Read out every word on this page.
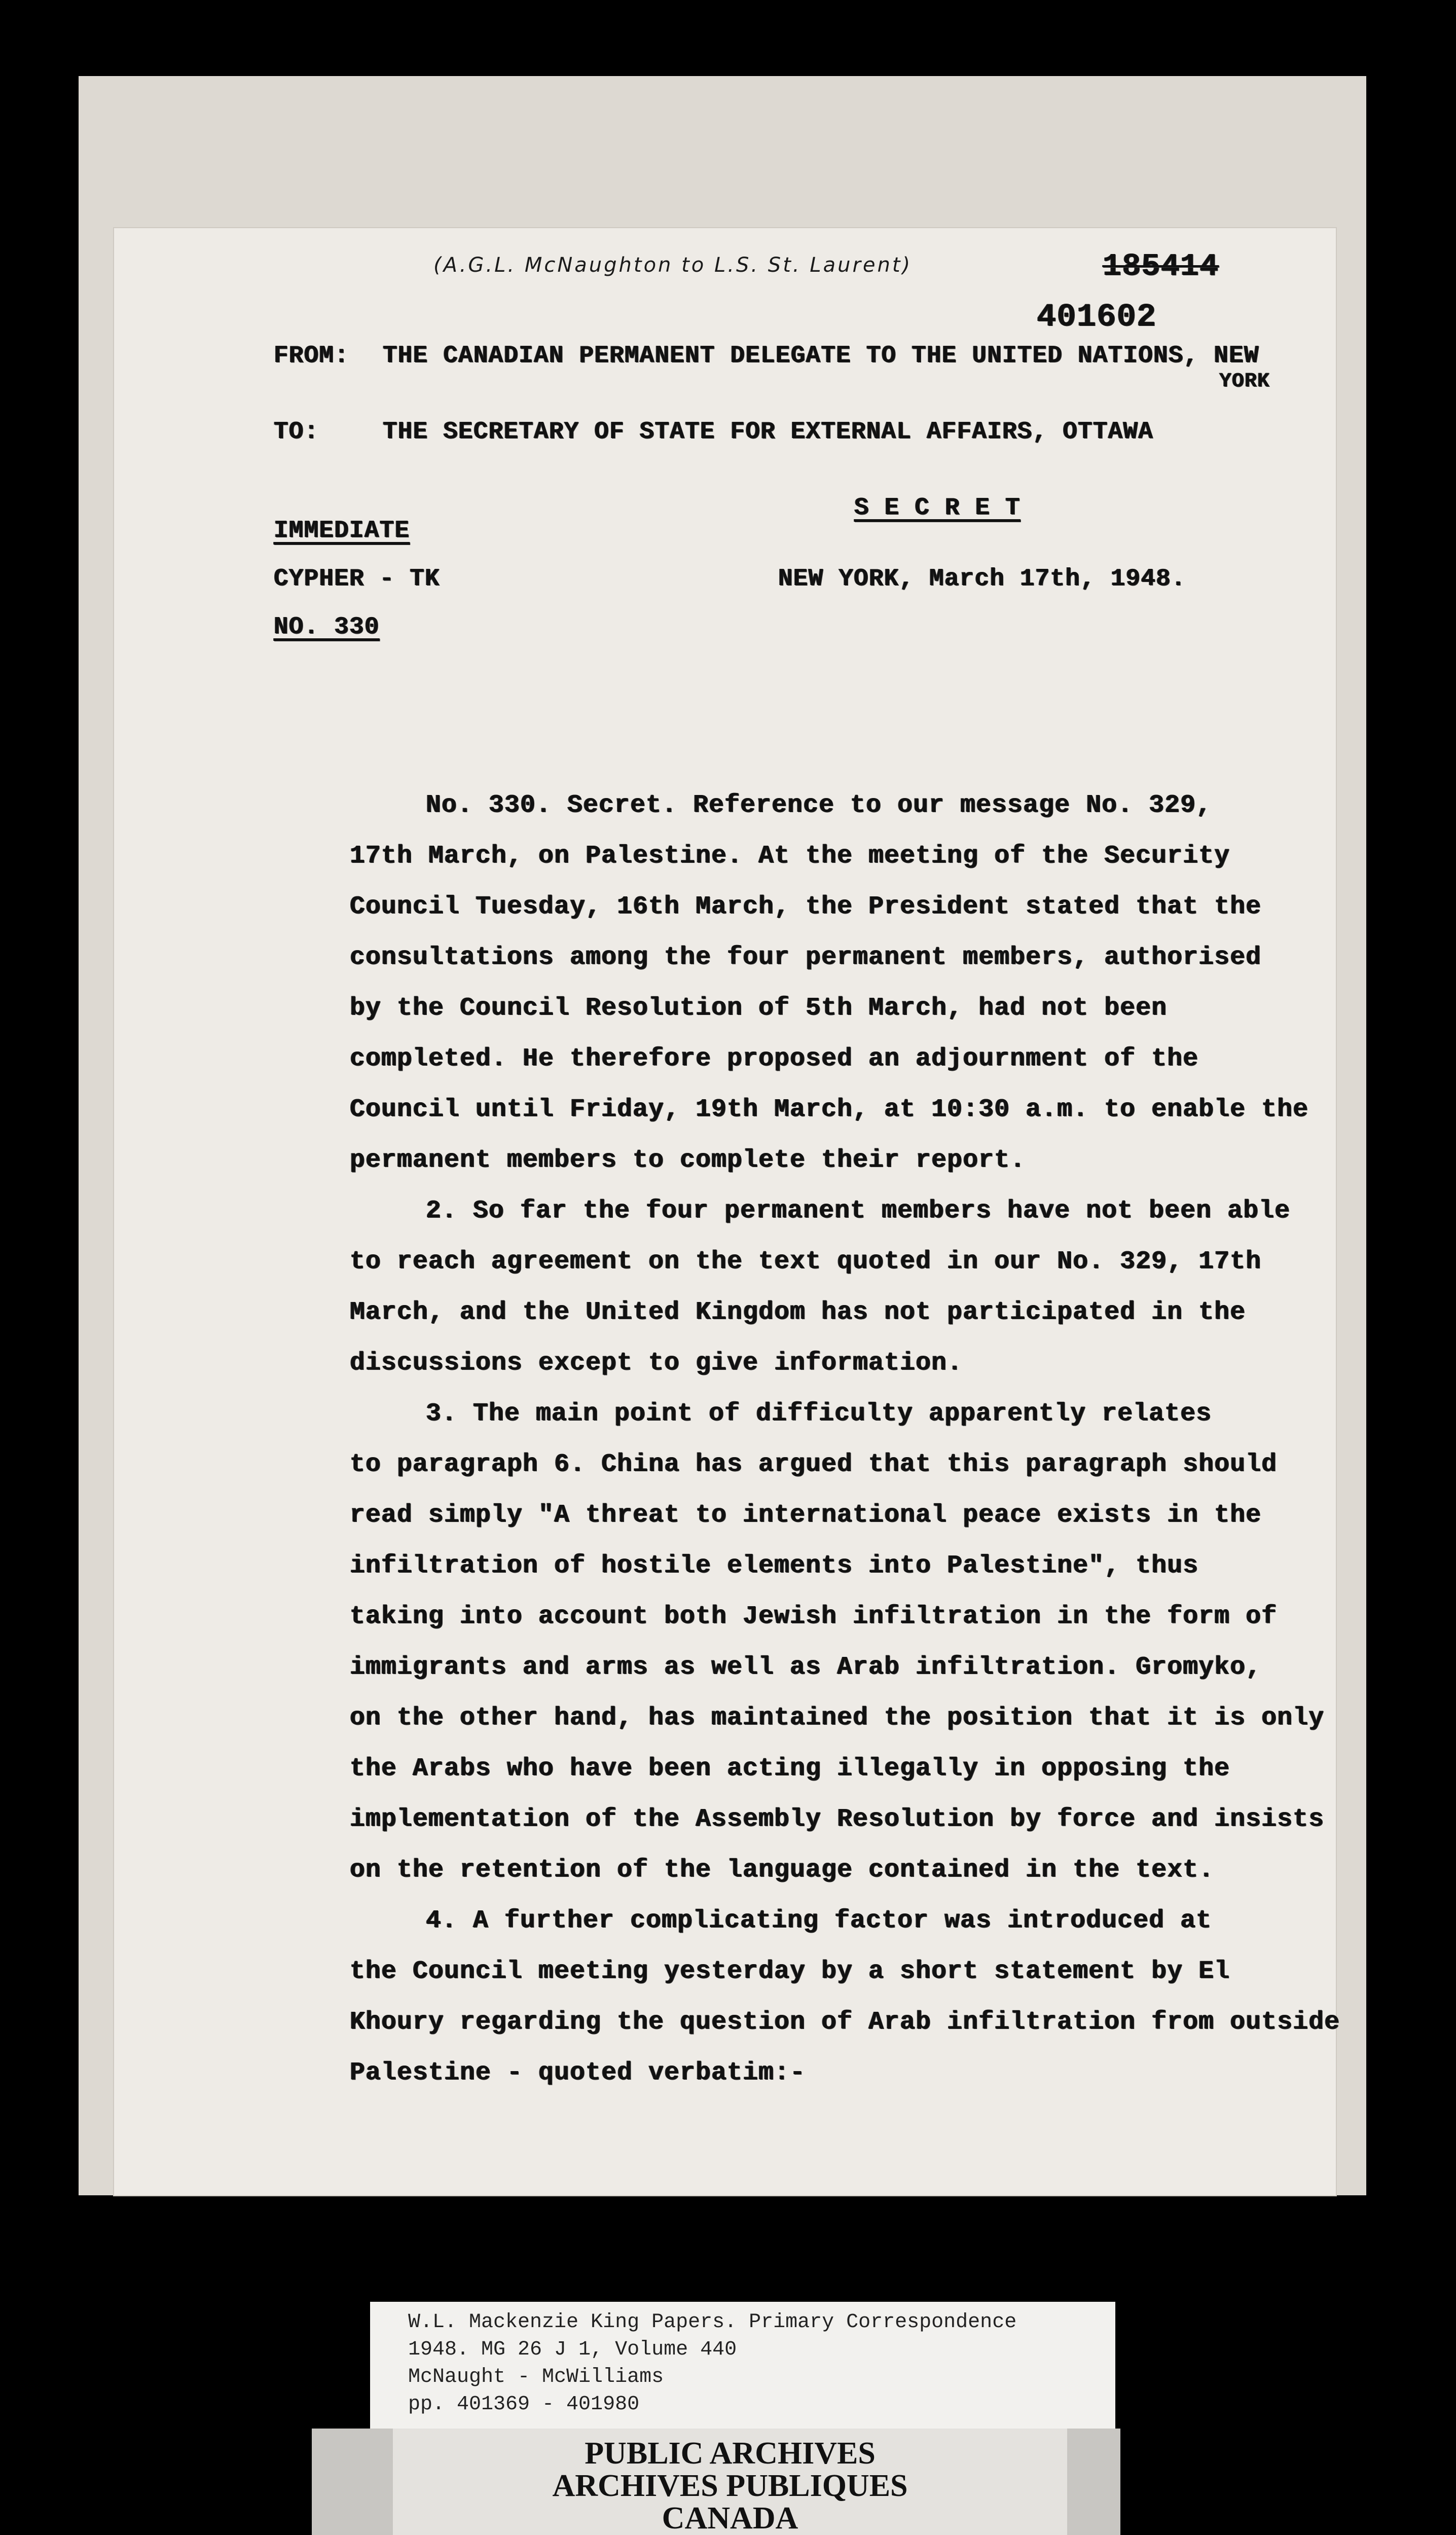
(A.G.L. McNaughton to L.S. St. Laurent)	185414
401602
FROM: THE CANADIAN PERMANENT DELEGATE TO THE UNITED NATIONS, NEW
YORK
TO:	THE SECRETARY OF STATE FOR EXTERNAL AFFAIRS, OTTAWA
S E C R E T
IMMEDIATE
CYPHER - TK
NO. 330
NEW YORK, March 17th, 1948.
No. 330. Secret. Reference to our message No. 329,
17th March, on Palestine. At the meeting of the Security
Council Tuesday, 16th March, the President stated that the
consultations among the four permanent members, authorised
by the Council Resolution of 5th March, had not been
completed. He therefore proposed an adjournment of the
Council until Friday, 19th March, at 10:30 a.m. to enable the
permanent members to complete their report.
2. So far the four permanent members have not been able
to reach agreement on the text quoted in our No. 329, 17th
March, and the United Kingdom has not participated in the
discussions except to give information.
3. The main point of difficulty apparently relates
to paragraph 6. China has argued that this paragraph should
read simply "A threat to international peace exists in the
infiltration of hostile elements into Palestine", thus
taking into account both Jewish infiltration in the form of
immigrants and arms as well as Arab infiltration. Gromyko,
on the other hand, has maintained the position that it is only
the Arabs who have been acting illegally in opposing the
implementation of the Assembly Resolution by force and insists
on the retention of the language contained in the text.
4. A further complicating factor was introduced at
the Council meeting yesterday by a short statement by El
Khoury regarding the question of Arab infiltration from outside
Palestine - quoted verbatim:-
W.L. Mackenzie King Papers. Primary Correspondence
1948. MG 26 J 1, Volume 440
McNaught - McWilliams
pp. 401369 - 401980
PUBLIC ARCHIVES
ARCHIVES PUBLIQUES
CANADA
